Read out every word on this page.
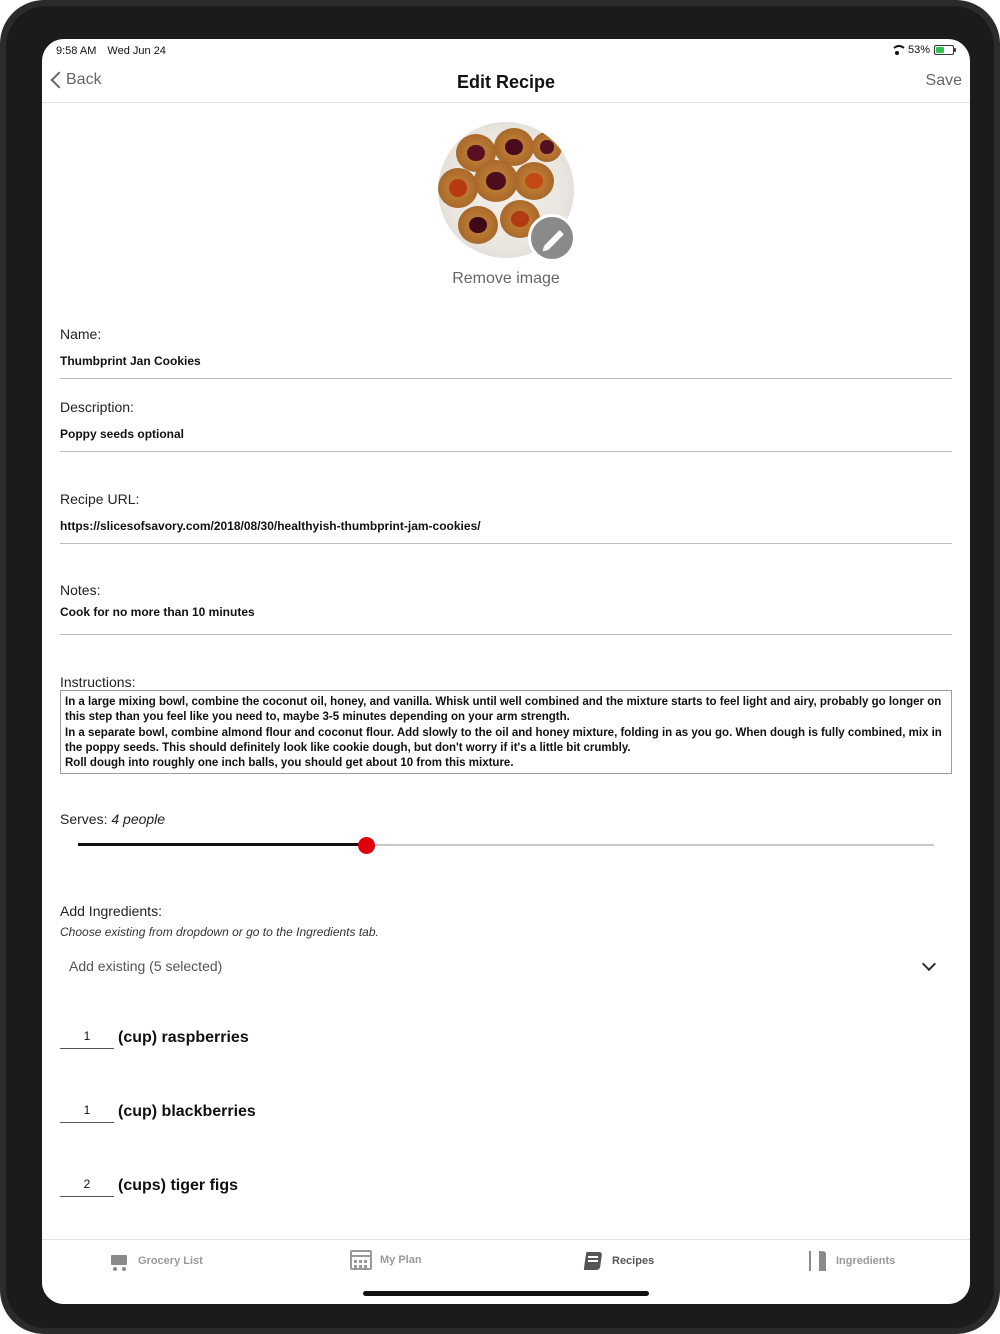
9:58 AM Wed Jun 24	53%
Back	Edit Recipe	Save
Remove image
Name:
Thumbprint Jan Cookies
Description:
Poppy seeds optional
Recipe URL:
https://slicesofsavory.com/2018/08/30/healthyish-thumbprint-jam-cookies/
Notes:
Cook for no more than 10 minutes
Instructions:

In a large mixing bowl, combine the coconut oil, honey, and vanilla. Whisk until well combined and the mixture starts to feel light and airy, probably go longer on this step than you feel like you need to, maybe 3-5 minutes depending on your arm strength.

In a separate bowl, combine almond flour and coconut flour. Add slowly to the oil and honey mixture, folding in as you go. When dough is fully combined, mix in the poppy seeds. This should definitely look like cookie dough, but don't worry if it's a little bit crumbly.

Roll dough into roughly one inch balls, you should get about 10 from this mixture.

Serves: 4 people
Add Ingredients:
Choose existing from dropdown or go to the Ingredients tab.
Add existing (5 selected)
1
(cup) raspberries
1
(cup) blackberries
2
(cups) tiger figs
Grocery List	My Plan	Recipes	Ingredients
